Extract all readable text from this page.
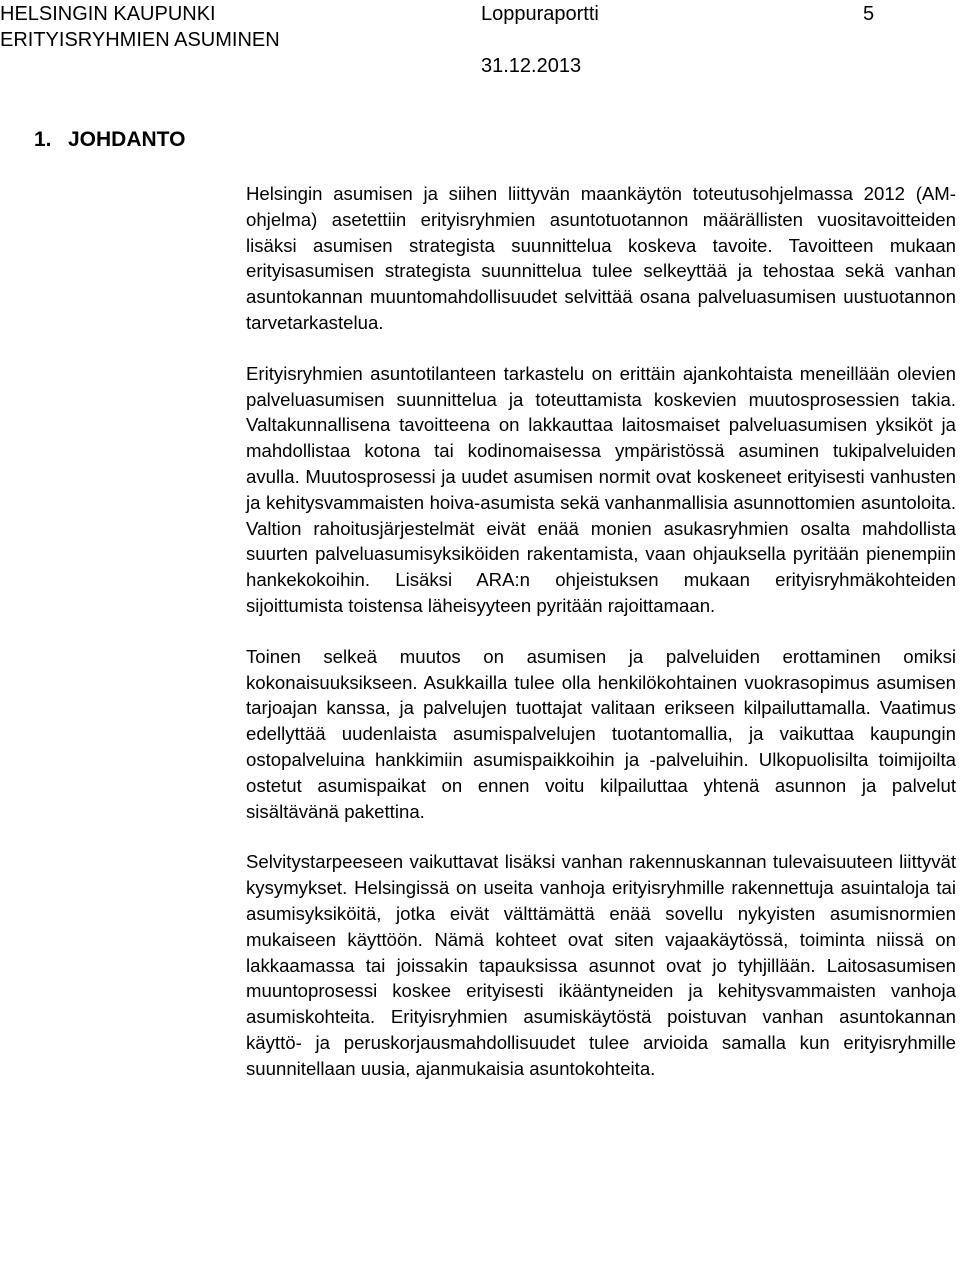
HELSINGIN KAUPUNKI
ERITYISRYHMIEN ASUMINEN
Loppuraportti	5
31.12.2013
1. JOHDANTO

Helsingin asumisen ja siihen liittyvän maankäytön toteutusohjelmassa 2012 (AM-ohjelma) asetettiin erityisryhmien asuntotuotannon määrällisten vuositavoitteiden lisäksi asumisen strategista suunnittelua koskeva tavoite. Tavoitteen mukaan erityisasumisen strategista suunnittelua tulee selkeyttää ja tehostaa sekä vanhan asuntokannan muuntomahdollisuudet selvittää osana palveluasumisen uustuotannon tarvetarkastelua.

Erityisryhmien asuntotilanteen tarkastelu on erittäin ajankohtaista meneillään olevien palveluasumisen suunnittelua ja toteuttamista koskevien muutosprosessien takia. Valtakunnallisena tavoitteena on lakkauttaa laitosmaiset palveluasumisen yksiköt ja mahdollistaa kotona tai kodinomaisessa ympäristössä asuminen tukipalveluiden avulla. Muutosprosessi ja uudet asumisen normit ovat koskeneet erityisesti vanhusten ja kehitysvammaisten hoiva-asumista sekä vanhanmallisia asunnottomien asuntoloita. Valtion rahoitusjärjestelmät eivät enää monien asukasryhmien osalta mahdollista suurten palveluasumisyksiköiden rakentamista, vaan ohjauksella pyritään pienempiin hankekokoihin. Lisäksi ARA:n ohjeistuksen mukaan erityisryhmäkohteiden sijoittumista toistensa läheisyyteen pyritään rajoittamaan.

Toinen selkeä muutos on asumisen ja palveluiden erottaminen omiksi kokonaisuuksikseen. Asukkailla tulee olla henkilökohtainen vuokrasopimus asumisen tarjoajan kanssa, ja palvelujen tuottajat valitaan erikseen kilpailuttamalla. Vaatimus edellyttää uudenlaista asumispalvelujen tuotantomallia, ja vaikuttaa kaupungin ostopalveluina hankkimiin asumispaikkoihin ja -palveluihin. Ulkopuolisilta toimijoilta ostetut asumispaikat on ennen voitu kilpailuttaa yhtenä asunnon ja palvelut sisältävänä pakettina.

Selvitystarpeeseen vaikuttavat lisäksi vanhan rakennuskannan tulevaisuuteen liittyvät kysymykset. Helsingissä on useita vanhoja erityisryhmille rakennettuja asuintaloja tai asumisyksiköitä, jotka eivät välttämättä enää sovellu nykyisten asumisnormien mukaiseen käyttöön. Nämä kohteet ovat siten vajaakäytössä, toiminta niissä on lakkaamassa tai joissakin tapauksissa asunnot ovat jo tyhjillään. Laitosasumisen muuntoprosessi koskee erityisesti ikääntyneiden ja kehitysvammaisten vanhoja asumiskohteita. Erityisryhmien asumiskäytöstä poistuvan vanhan asuntokannan käyttö- ja peruskorjausmahdollisuudet tulee arvioida samalla kun erityisryhmille suunnitellaan uusia, ajanmukaisia asuntokohteita.
